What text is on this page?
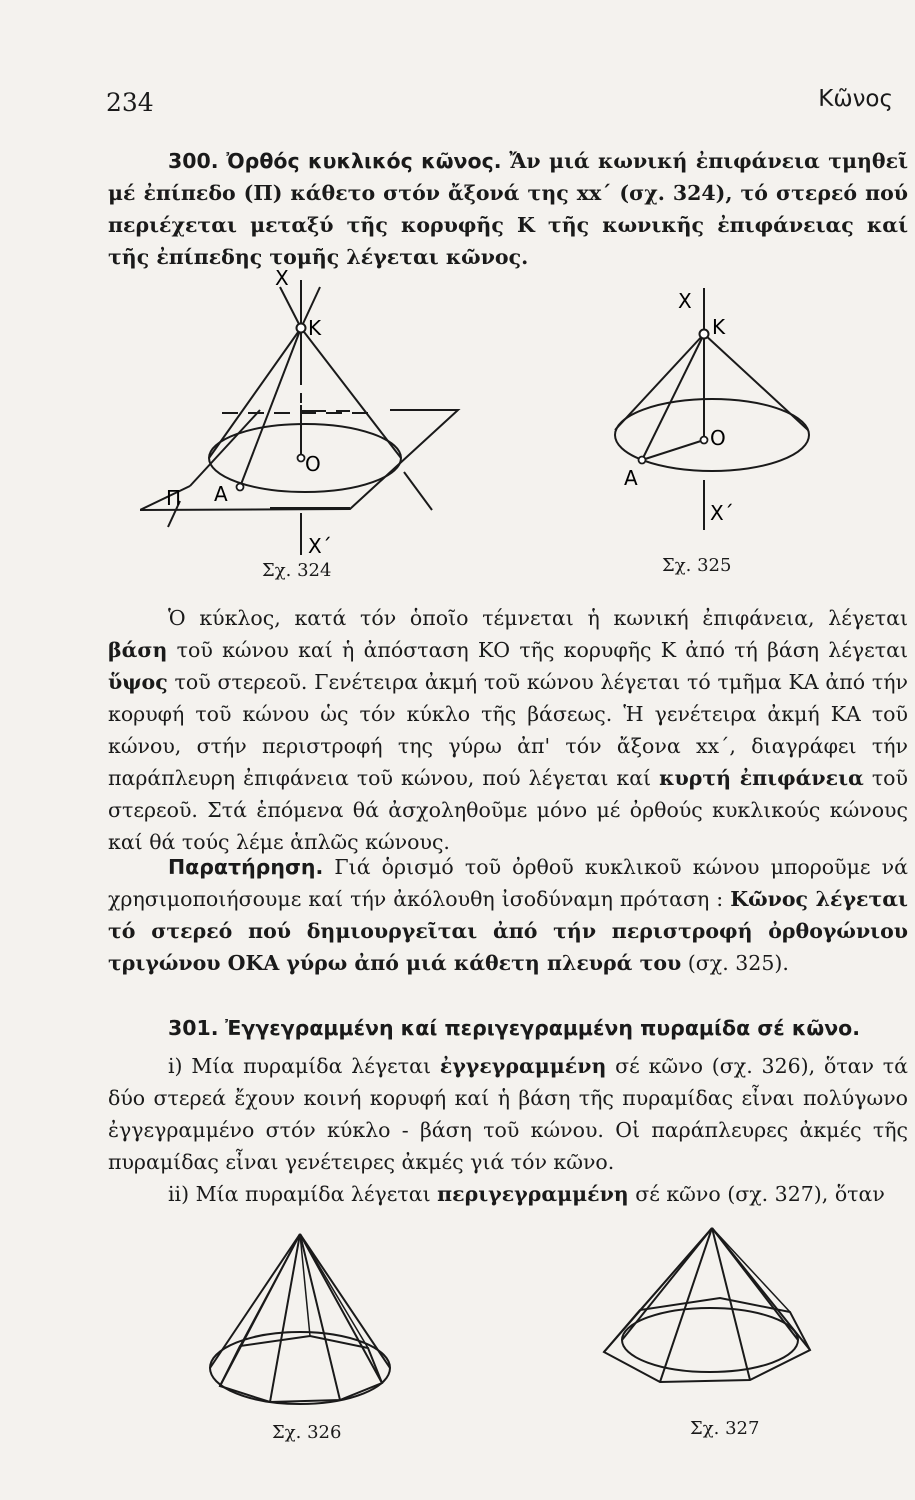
234	Κῶνος
300. Ὀρθός κυκλικός κῶνος. Ἄν μιά κωνική ἐπιφάνεια τμηθεῖ μέ ἐπίπεδο (Π) κάθετο στόν ἄξονά της xx΄ (σχ. 324), τό στερεό πού περιέχεται μεταξύ τῆς κορυφῆς Κ τῆς κωνικῆς ἐπιφάνειας καί τῆς ἐπίπεδης τομῆς λέγεται κῶνος.
X
K
O
A
Π
X΄
Σχ. 324
X
K
O
A
X΄
Σχ. 325
Ὁ κύκλος, κατά τόν ὁποῖο τέμνεται ἡ κωνική ἐπιφάνεια, λέγεται βάση τοῦ κώνου καί ἡ ἀπόσταση ΚΟ τῆς κορυφῆς Κ ἀπό τή βάση λέγεται ὕψος τοῦ στερεοῦ. Γενέτειρα ἀκμή τοῦ κώνου λέγεται τό τμῆμα ΚΑ ἀπό τήν κορυφή τοῦ κώνου ὡς τόν κύκλο τῆς βάσεως. Ἡ γενέτειρα ἀκμή ΚΑ τοῦ κώνου, στήν περιστροφή της γύρω ἀπ' τόν ἄξονα xx΄, διαγράφει τήν παράπλευρη ἐπιφάνεια τοῦ κώνου, πού λέγεται καί κυρτή ἐπιφάνεια τοῦ στερεοῦ. Στά ἑπόμενα θά ἀσχοληθοῦμε μόνο μέ ὀρθούς κυκλικούς κώνους καί θά τούς λέμε ἁπλῶς κώνους.
Παρατήρηση. Γιά ὁρισμό τοῦ ὀρθοῦ κυκλικοῦ κώνου μποροῦμε νά χρησιμοποιήσουμε καί τήν ἀκόλουθη ἰσοδύναμη πρόταση : Κῶνος λέγεται τό στερεό πού δημιουργεῖται ἀπό τήν περιστροφή ὀρθογώνιου τριγώνου ΟΚΑ γύρω ἀπό μιά κάθετη πλευρά του (σχ. 325).
301. Ἐγγεγραμμένη καί περιγεγραμμένη πυραμίδα σέ κῶνο.
i) Μία πυραμίδα λέγεται ἐγγεγραμμένη σέ κῶνο (σχ. 326), ὅταν τά δύο στερεά ἔχουν κοινή κορυφή καί ἡ βάση τῆς πυραμίδας εἶναι πολύγωνο ἐγγεγραμμένο στόν κύκλο - βάση τοῦ κώνου. Οἱ παράπλευρες ἀκμές τῆς πυραμίδας εἶναι γενέτειρες ἀκμές γιά τόν κῶνο.
ii) Μία πυραμίδα λέγεται περιγεγραμμένη σέ κῶνο (σχ. 327), ὅταν
Σχ. 326	Σχ. 327
